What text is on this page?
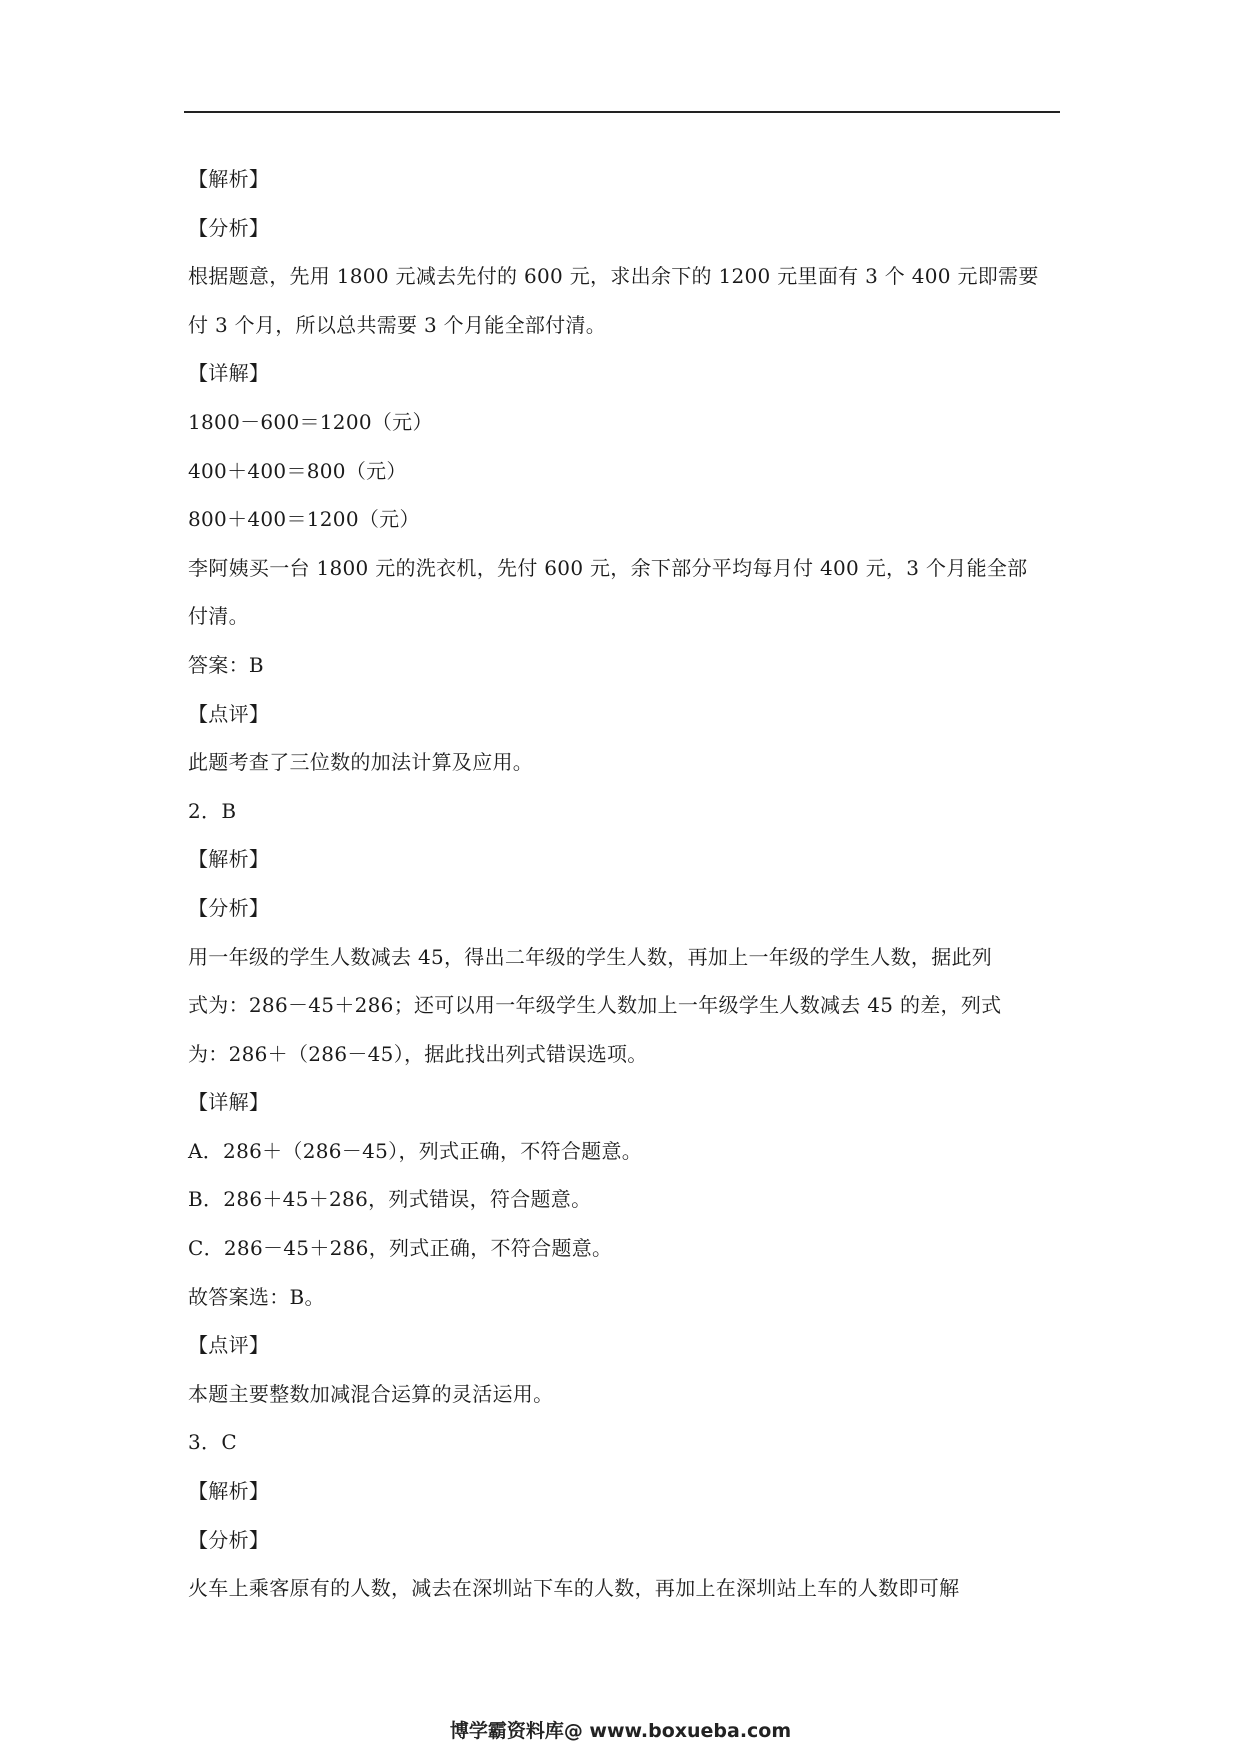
【解析】
【分析】
根据题意，先用 1800 元减去先付的 600 元，求出余下的 1200 元里面有 3 个 400 元即需要
付 3 个月，所以总共需要 3 个月能全部付清。
【详解】
1800－600＝1200（元）
400＋400＝800（元）
800＋400＝1200（元）
李阿姨买一台 1800 元的洗衣机，先付 600 元，余下部分平均每月付 400 元，3 个月能全部
付清。
答案：B
【点评】
此题考查了三位数的加法计算及应用。
2．B
【解析】
【分析】
用一年级的学生人数减去 45，得出二年级的学生人数，再加上一年级的学生人数，据此列
式为：286－45＋286；还可以用一年级学生人数加上一年级学生人数减去 45 的差，列式
为：286＋（286－45），据此找出列式错误选项。
【详解】
A．286＋（286－45），列式正确，不符合题意。
B．286＋45＋286，列式错误，符合题意。
C．286－45＋286，列式正确，不符合题意。
故答案选：B。
【点评】
本题主要整数加减混合运算的灵活运用。
3．C
【解析】
【分析】
火车上乘客原有的人数，减去在深圳站下车的人数，再加上在深圳站上车的人数即可解
博学霸资料库@ www.boxueba.com
